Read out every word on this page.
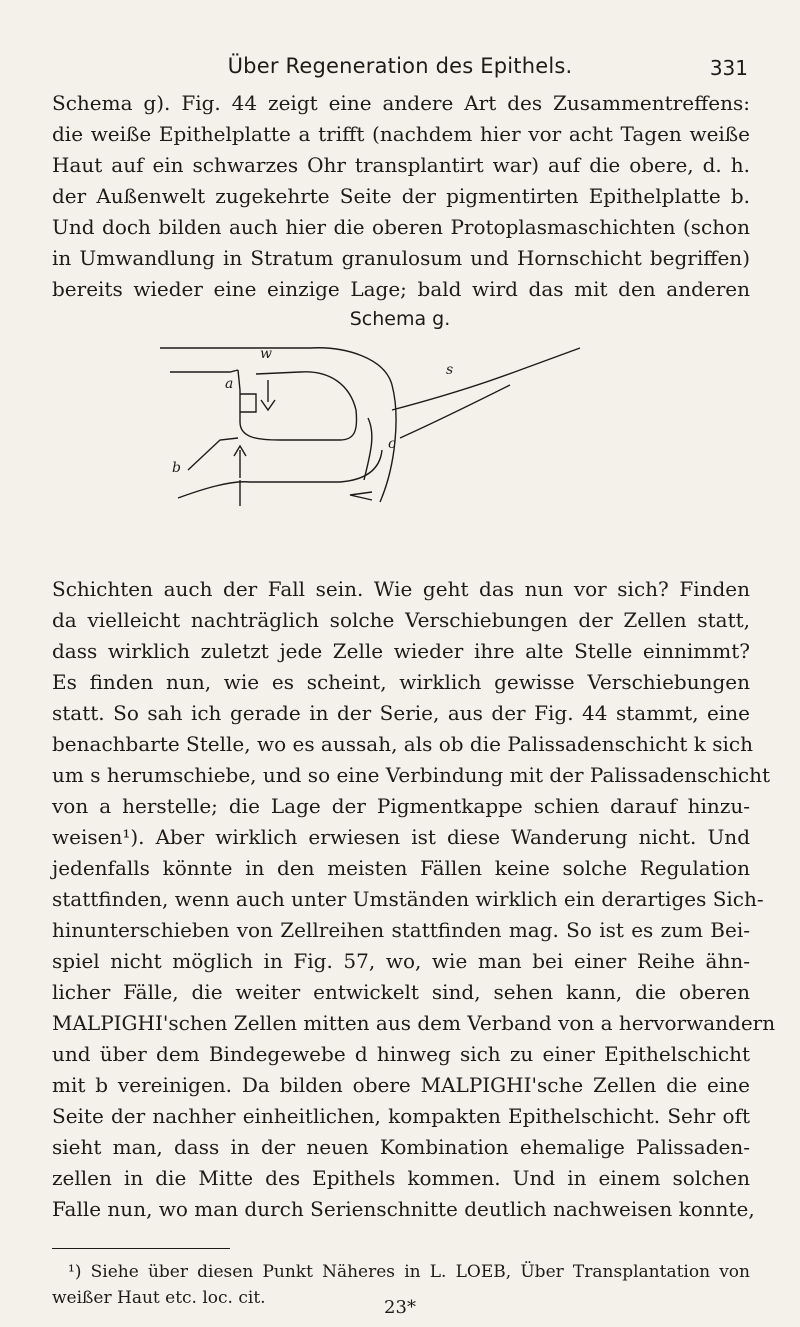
Über Regeneration des Epithels.	331
Schema g). Fig. 44 zeigt eine andere Art des Zusammentreffens:
die weiße Epithelplatte a trifft (nachdem hier vor acht Tagen weiße
Haut auf ein schwarzes Ohr transplantirt war) auf die obere, d. h.
der Außenwelt zugekehrte Seite der pigmentirten Epithelplatte b.
Und doch bilden auch hier die oberen Protoplasmaschichten (schon
in Umwandlung in Stratum granulosum und Hornschicht begriffen)
bereits wieder eine einzige Lage; bald wird das mit den anderen
Schema g.
w
s
a
b
c
Schichten auch der Fall sein. Wie geht das nun vor sich? Finden
da vielleicht nachträglich solche Verschiebungen der Zellen statt,
dass wirklich zuletzt jede Zelle wieder ihre alte Stelle einnimmt?
Es finden nun, wie es scheint, wirklich gewisse Verschiebungen
statt. So sah ich gerade in der Serie, aus der Fig. 44 stammt, eine
benachbarte Stelle, wo es aussah, als ob die Palissadenschicht k sich
um s herumschiebe, und so eine Verbindung mit der Palissadenschicht
von a herstelle; die Lage der Pigmentkappe schien darauf hinzu-
weisen¹). Aber wirklich erwiesen ist diese Wanderung nicht. Und
jedenfalls könnte in den meisten Fällen keine solche Regulation
stattfinden, wenn auch unter Umständen wirklich ein derartiges Sich-
hinunterschieben von Zellreihen stattfinden mag. So ist es zum Bei-
spiel nicht möglich in Fig. 57, wo, wie man bei einer Reihe ähn-
licher Fälle, die weiter entwickelt sind, sehen kann, die oberen
MALPIGHI'schen Zellen mitten aus dem Verband von a hervorwandern
und über dem Bindegewebe d hinweg sich zu einer Epithelschicht
mit b vereinigen. Da bilden obere MALPIGHI'sche Zellen die eine
Seite der nachher einheitlichen, kompakten Epithelschicht. Sehr oft
sieht man, dass in der neuen Kombination ehemalige Palissaden-
zellen in die Mitte des Epithels kommen. Und in einem solchen
Falle nun, wo man durch Serienschnitte deutlich nachweisen konnte,
¹) Siehe über diesen Punkt Näheres in L. LOEB, Über Transplantation von
weißer Haut etc. loc. cit.	23*
